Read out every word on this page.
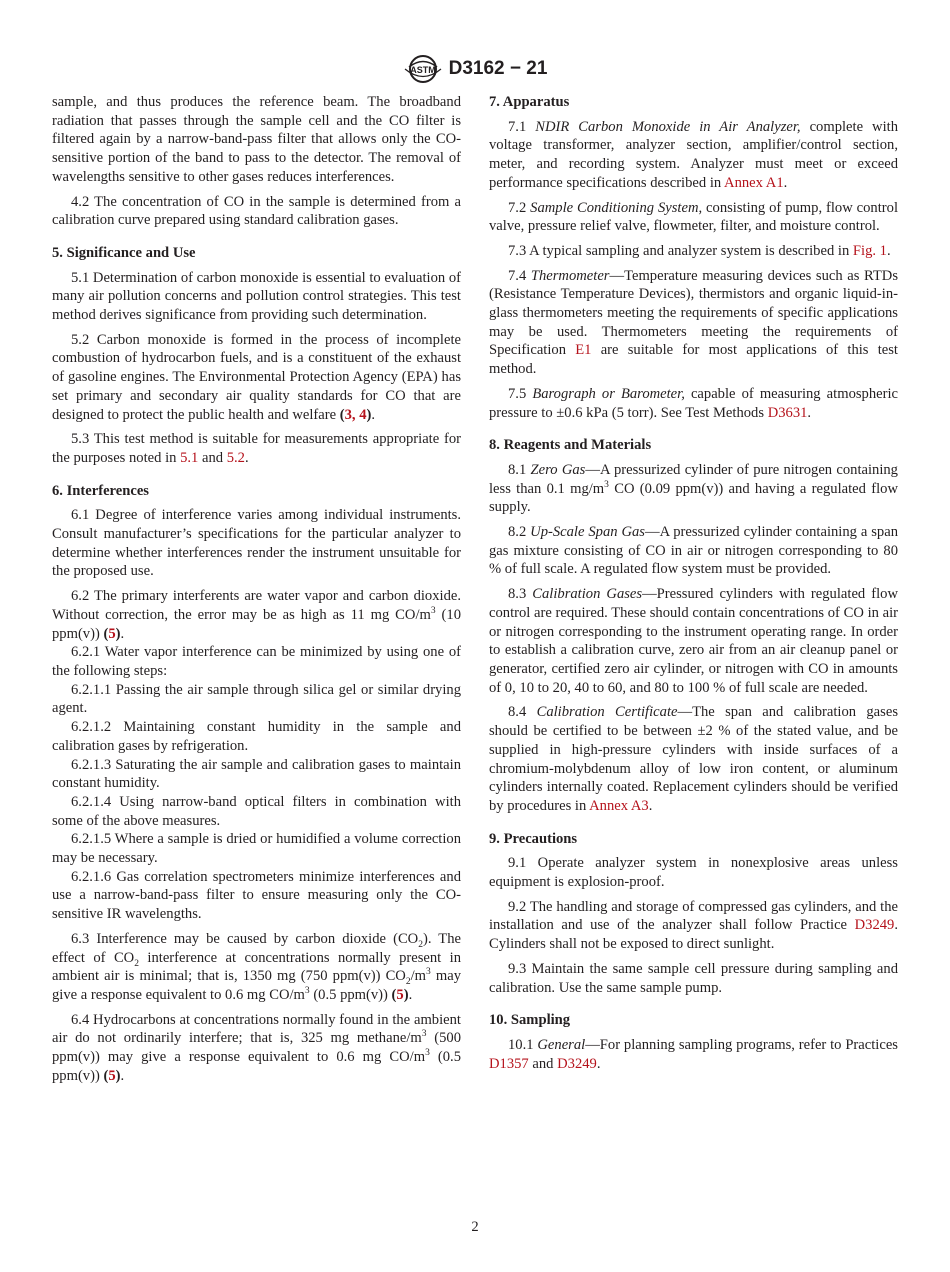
ASTM D3162 − 21

sample, and thus produces the reference beam. The broadband radiation that passes through the sample cell and the CO filter is filtered again by a narrow-band-pass filter that allows only the CO-sensitive portion of the band to pass to the detector. The removal of wavelengths sensitive to other gases reduces interferences.

4.2 The concentration of CO in the sample is determined from a calibration curve prepared using standard calibration gases.

5. Significance and Use

5.1 Determination of carbon monoxide is essential to evaluation of many air pollution concerns and pollution control strategies. This test method derives significance from providing such determination.

5.2 Carbon monoxide is formed in the process of incomplete combustion of hydrocarbon fuels, and is a constituent of the exhaust of gasoline engines. The Environmental Protection Agency (EPA) has set primary and secondary air quality standards for CO that are designed to protect the public health and welfare (3, 4).

5.3 This test method is suitable for measurements appropriate for the purposes noted in 5.1 and 5.2.

6. Interferences

6.1 Degree of interference varies among individual instruments. Consult manufacturer’s specifications for the particular analyzer to determine whether interferences render the instrument unsuitable for the proposed use.

6.2 The primary interferents are water vapor and carbon dioxide. Without correction, the error may be as high as 11 mg $CO/m^3$ (10 ppm(v)) (5).

6.2.1 Water vapor interference can be minimized by using one of the following steps:

6.2.1.1 Passing the air sample through silica gel or similar drying agent.

6.2.1.2 Maintaining constant humidity in the sample and calibration gases by refrigeration.

6.2.1.3 Saturating the air sample and calibration gases to maintain constant humidity.

6.2.1.4 Using narrow-band optical filters in combination with some of the above measures.

6.2.1.5 Where a sample is dried or humidified a volume correction may be necessary.

6.2.1.6 Gas correlation spectrometers minimize interferences and use a narrow-band-pass filter to ensure measuring only the CO-sensitive IR wavelengths.

6.3 Interference may be caused by carbon dioxide $(CO_2)$. The effect of $CO_2$ interference at concentrations normally present in ambient air is minimal; that is, 1350 mg (750 ppm(v)) $CO_2/m^3$ may give a response equivalent to 0.6 mg $CO/m^3$ (0.5 ppm(v)) (5).

6.4 Hydrocarbons at concentrations normally found in the ambient air do not ordinarily interfere; that is, 325 mg methane/$m^3$ (500 ppm(v)) may give a response equivalent to 0.6 mg $CO/m^3$ (0.5 ppm(v)) (5).

7. Apparatus

7.1 NDIR Carbon Monoxide in Air Analyzer, complete with voltage transformer, analyzer section, amplifier/control section, meter, and recording system. Analyzer must meet or exceed performance specifications described in Annex A1.

7.2 Sample Conditioning System, consisting of pump, flow control valve, pressure relief valve, flowmeter, filter, and moisture control.

7.3 A typical sampling and analyzer system is described in Fig. 1.

7.4 Thermometer—Temperature measuring devices such as RTDs (Resistance Temperature Devices), thermistors and organic liquid-in-glass thermometers meeting the requirements of specific applications may be used. Thermometers meeting the requirements of Specification E1 are suitable for most applications of this test method.

7.5 Barograph or Barometer, capable of measuring atmospheric pressure to ±0.6 kPa (5 torr). See Test Methods D3631.

8. Reagents and Materials

8.1 Zero Gas—A pressurized cylinder of pure nitrogen containing less than 0.1 $mg/m^3$ CO (0.09 ppm(v)) and having a regulated flow supply.

8.2 Up-Scale Span Gas—A pressurized cylinder containing a span gas mixture consisting of CO in air or nitrogen corresponding to 80 % of full scale. A regulated flow system must be provided.

8.3 Calibration Gases—Pressured cylinders with regulated flow control are required. These should contain concentrations of CO in air or nitrogen corresponding to the instrument operating range. In order to establish a calibration curve, zero air from an air cleanup panel or generator, certified zero air cylinder, or nitrogen with CO in amounts of 0, 10 to 20, 40 to 60, and 80 to 100 % of full scale are needed.

8.4 Calibration Certificate—The span and calibration gases should be certified to be between ±2 % of the stated value, and be supplied in high-pressure cylinders with inside surfaces of a chromium-molybdenum alloy of low iron content, or aluminum cylinders internally coated. Replacement cylinders should be verified by procedures in Annex A3.

9. Precautions

9.1 Operate analyzer system in nonexplosive areas unless equipment is explosion-proof.

9.2 The handling and storage of compressed gas cylinders, and the installation and use of the analyzer shall follow Practice D3249. Cylinders shall not be exposed to direct sunlight.

9.3 Maintain the same sample cell pressure during sampling and calibration. Use the same sample pump.

10. Sampling

10.1 General—For planning sampling programs, refer to Practices D1357 and D3249.

2
